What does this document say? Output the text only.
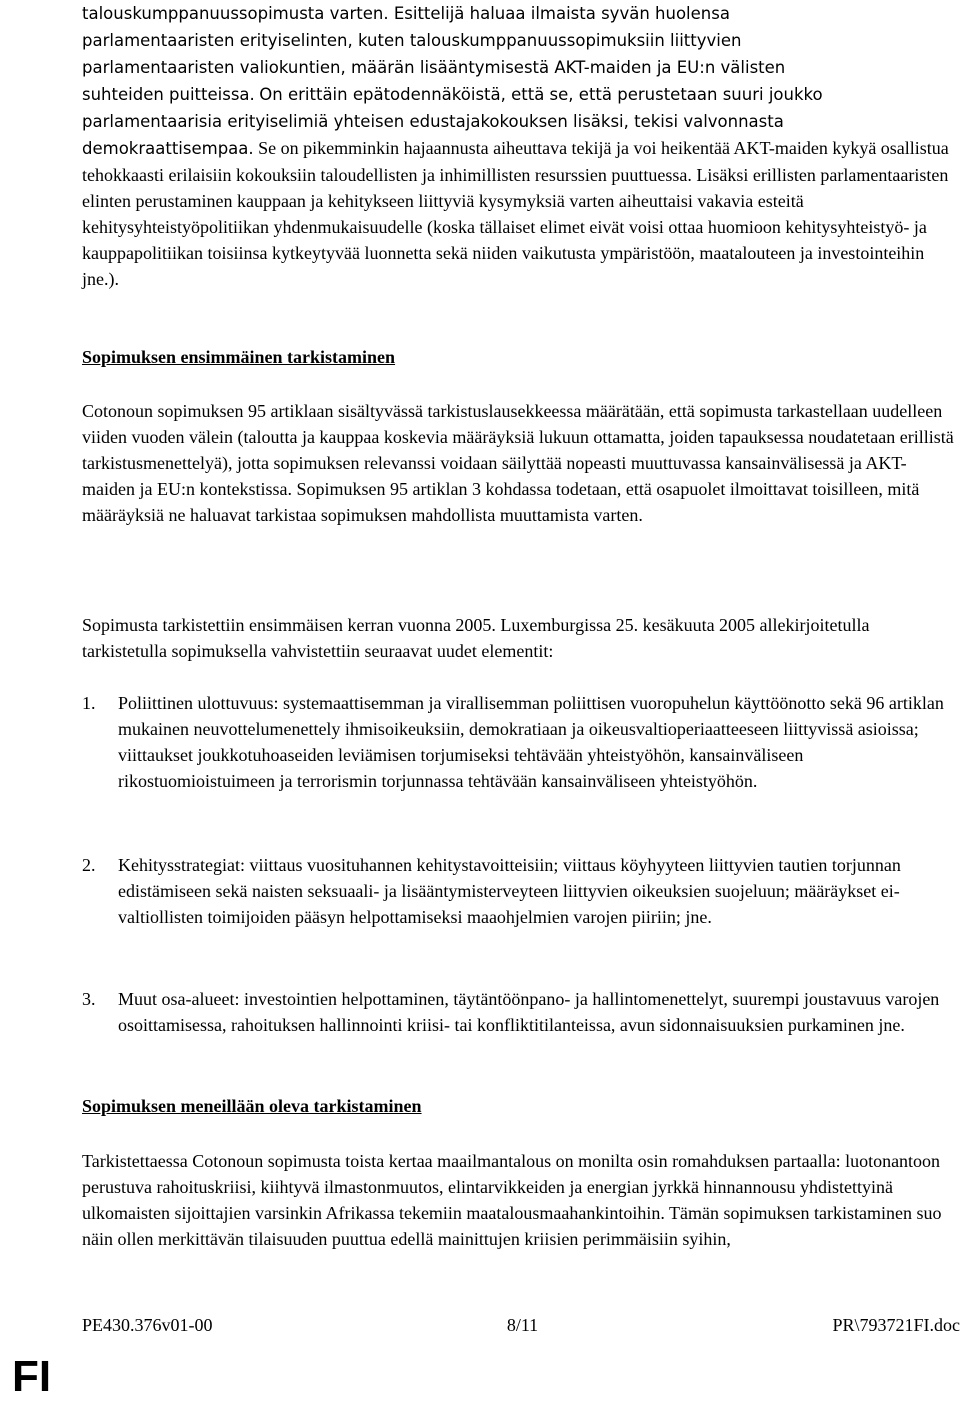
talouskumppanuussopimusta varten. Esittelijä haluaa ilmaista syvän huolensa
parlamentaaristen erityiselinten, kuten talouskumppanuussopimuksiin liittyvien
parlamentaaristen valiokuntien, määrän lisääntymisestä AKT-maiden ja EU:n välisten
suhteiden puitteissa. On erittäin epätodennäköistä, että se, että perustetaan suuri joukko parlamentaarisia erityiselimiä yhteisen edustajakokouksen lisäksi, tekisi valvonnasta demokraattisempaa. Se on pikemminkin hajaannusta aiheuttava tekijä ja voi heikentää AKT-maiden kykyä osallistua tehokkaasti erilaisiin kokouksiin taloudellisten ja inhimillisten resurssien puuttuessa. Lisäksi erillisten parlamentaaristen elinten perustaminen kauppaan ja kehitykseen liittyviä kysymyksiä varten aiheuttaisi vakavia esteitä kehitysyhteistyöpolitiikan yhdenmukaisuudelle (koska tällaiset elimet eivät voisi ottaa huomioon kehitysyhteistyö- ja kauppapolitiikan toisiinsa kytkeytyvää luonnetta sekä niiden vaikutusta ympäristöön, maatalouteen ja investointeihin jne.).
Sopimuksen ensimmäinen tarkistaminen
Cotonoun sopimuksen 95 artiklaan sisältyvässä tarkistuslausekkeessa määrätään, että sopimusta tarkastellaan uudelleen viiden vuoden välein (taloutta ja kauppaa koskevia määräyksiä lukuun ottamatta, joiden tapauksessa noudatetaan erillistä tarkistusmenettelyä), jotta sopimuksen relevanssi voidaan säilyttää nopeasti muuttuvassa kansainvälisessä ja AKT-maiden ja EU:n kontekstissa. Sopimuksen 95 artiklan 3 kohdassa todetaan, että osapuolet ilmoittavat toisilleen, mitä määräyksiä ne haluavat tarkistaa sopimuksen mahdollista muuttamista varten.
Sopimusta tarkistettiin ensimmäisen kerran vuonna 2005. Luxemburgissa 25. kesäkuuta 2005 allekirjoitetulla tarkistetulla sopimuksella vahvistettiin seuraavat uudet elementit:
1. Poliittinen ulottuvuus: systemaattisemman ja virallisemman poliittisen vuoropuhelun käyttöönotto sekä 96 artiklan mukainen neuvottelumenettely ihmisoikeuksiin, demokratiaan ja oikeusvaltioperiaatteeseen liittyvissä asioissa; viittaukset joukkotuhoaseiden leviämisen torjumiseksi tehtävään yhteistyöhön, kansainväliseen rikostuomioistuimeen ja terrorismin torjunnassa tehtävään kansainväliseen yhteistyöhön.
2. Kehitysstrategiat: viittaus vuosituhannen kehitystavoitteisiin; viittaus köyhyyteen liittyvien tautien torjunnan edistämiseen sekä naisten seksuaali- ja lisääntymisterveyteen liittyvien oikeuksien suojeluun; määräykset ei-valtiollisten toimijoiden pääsyn helpottamiseksi maaohjelmien varojen piiriin; jne.
3. Muut osa-alueet: investointien helpottaminen, täytäntöönpano- ja hallintomenettelyt, suurempi joustavuus varojen osoittamisessa, rahoituksen hallinnointi kriisi- tai konfliktitilanteissa, avun sidonnaisuuksien purkaminen jne.
Sopimuksen meneillään oleva tarkistaminen
Tarkistettaessa Cotonoun sopimusta toista kertaa maailmantalous on monilta osin romahduksen partaalla: luotonantoon perustuva rahoituskriisi, kiihtyvä ilmastonmuutos, elintarvikkeiden ja energian jyrkkä hinnannousu yhdistettyinä ulkomaisten sijoittajien varsinkin Afrikassa tekemiin maatalousmaahankintoihin. Tämän sopimuksen tarkistaminen suo näin ollen merkittävän tilaisuuden puuttua edellä mainittujen kriisien perimmäisiin syihin,
PE430.376v01-00	8/11	PR\793721FI.doc
FI
